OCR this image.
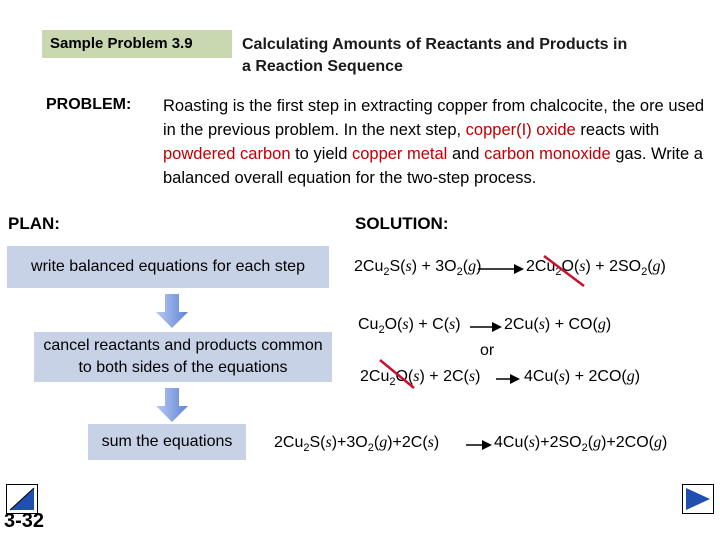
Sample Problem 3.9	Calculating Amounts of Reactants and Products in
a Reaction Sequence
PROBLEM: Roasting is the first step in extracting copper from chalcocite, the ore used in the previous problem. In the next step, copper(I) oxide reacts with powdered carbon to yield copper metal and carbon monoxide gas. Write a balanced overall equation for the two-step process.
PLAN:	SOLUTION:
write balanced equations for each step
cancel reactants and products common
to both sides of the equations
sum the equations
$2Cu_2S(s) + 3O_2(g) \to 2Cu_2O(s) + 2SO_2(g)$
$Cu_2O(s) + C(s) \to 2Cu(s) + CO(g)$
or
$2Cu_2O(s) + 2C(s) \to 4Cu(s) + 2CO(g)$
$2Cu_2S(s)+3O_2(g)+2C(s) \to 4Cu(s)+2SO_2(g)+2CO(g)$
3-32
